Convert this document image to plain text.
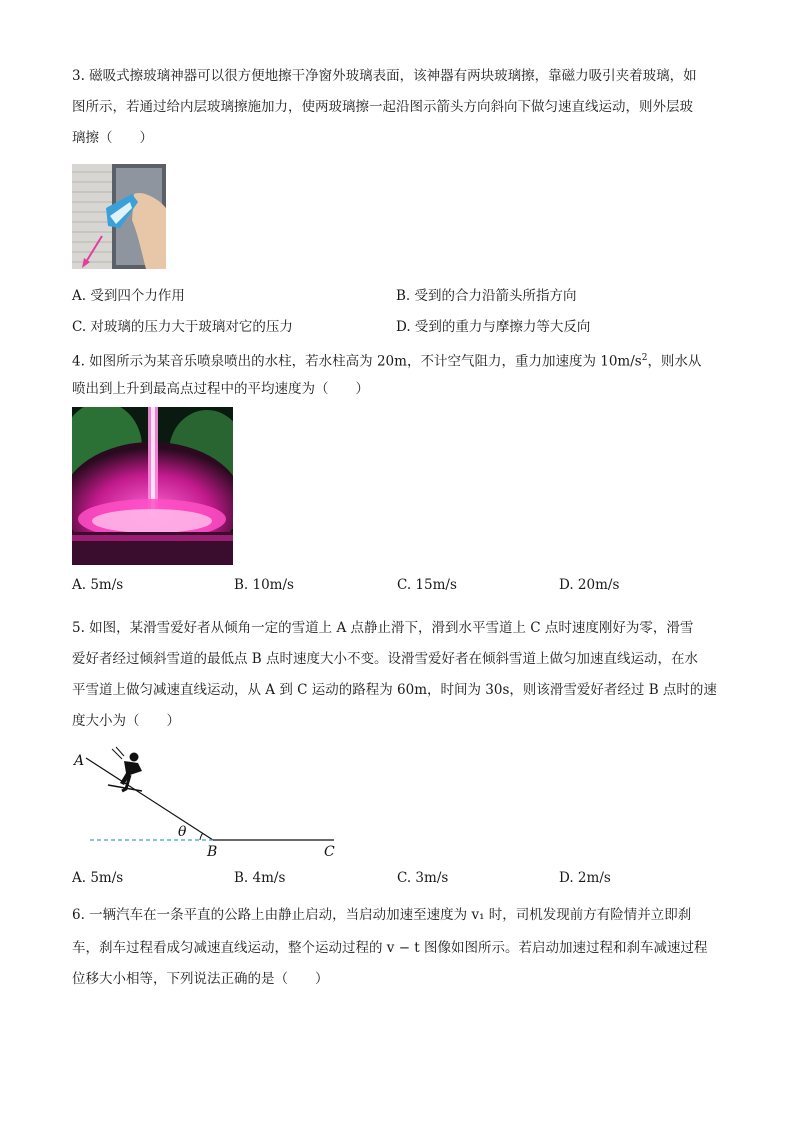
3. 磁吸式擦玻璃神器可以很方便地擦干净窗外玻璃表面，该神器有两块玻璃擦，靠磁力吸引夹着玻璃，如
图所示，若通过给内层玻璃擦施加力，使两玻璃擦一起沿图示箭头方向斜向下做匀速直线运动，则外层玻
璃擦（　　）
A. 受到四个力作用	B. 受到的合力沿箭头所指方向
C. 对玻璃的压力大于玻璃对它的压力	D. 受到的重力与摩擦力等大反向
4. 如图所示为某音乐喷泉喷出的水柱，若水柱高为 20m，不计空气阻力，重力加速度为 $10m/s^2$，则水从
喷出到上升到最高点过程中的平均速度为（　　）
A. 5m/s	B. 10m/s	C. 15m/s	D. 20m/s
5. 如图，某滑雪爱好者从倾角一定的雪道上 A 点静止滑下，滑到水平雪道上 C 点时速度刚好为零，滑雪
爱好者经过倾斜雪道的最低点 B 点时速度大小不变。设滑雪爱好者在倾斜雪道上做匀加速直线运动，在水
平雪道上做匀减速直线运动，从 A 到 C 运动的路程为 60m，时间为 30s，则该滑雪爱好者经过 B 点时的速
度大小为（　　）
A
B	C
θ
A. 5m/s	B. 4m/s	C. 3m/s	D. 2m/s
6. 一辆汽车在一条平直的公路上由静止启动，当启动加速至速度为 v₁ 时，司机发现前方有险情并立即刹
车，刹车过程看成匀减速直线运动，整个运动过程的 v − t 图像如图所示。若启动加速过程和刹车减速过程
位移大小相等，下列说法正确的是（　　）
